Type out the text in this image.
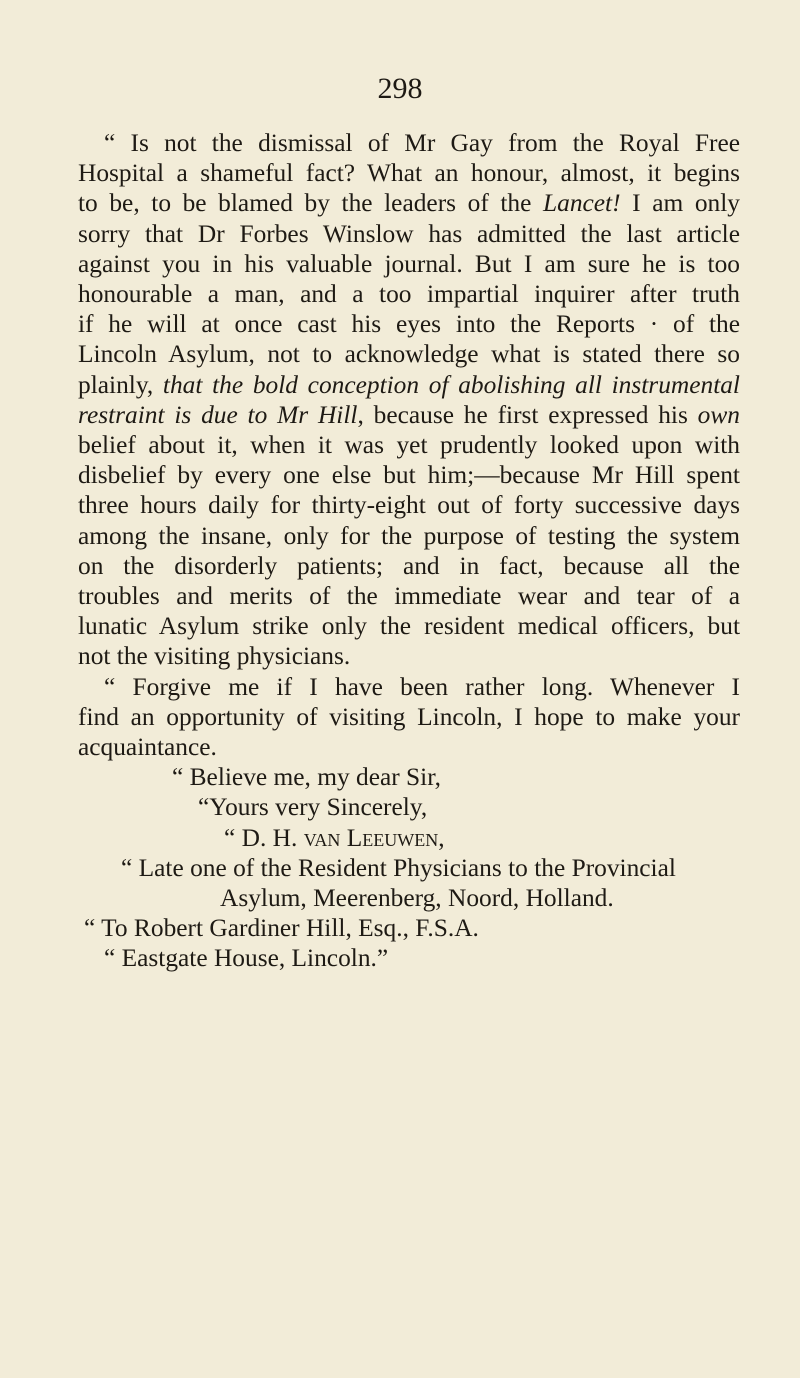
298

“ Is not the dismissal of Mr Gay from the Royal Free

Hospital a shameful fact? What an honour, almost, it begins

to be, to be blamed by the leaders of the Lancet! I am only

sorry that Dr Forbes Winslow has admitted the last article

against you in his valuable journal. But I am sure he is too

honourable a man, and a too impartial inquirer after truth

if he will at once cast his eyes into the Reports · of the

Lincoln Asylum, not to acknowledge what is stated there so

plainly, that the bold conception of abolishing all instrumental

restraint is due to Mr Hill, because he first expressed his own

belief about it, when it was yet prudently looked upon with

disbelief by every one else but him;—because Mr Hill spent

three hours daily for thirty-eight out of forty successive days

among the insane, only for the purpose of testing the system

on the disorderly patients; and in fact, because all the

troubles and merits of the immediate wear and tear of a

lunatic Asylum strike only the resident medical officers, but

not the visiting physicians.

“ Forgive me if I have been rather long. Whenever I

find an opportunity of visiting Lincoln, I hope to make your

acquaintance.

“ Believe me, my dear Sir,
“Yours very Sincerely,
“ D. H. van Leeuwen,
“ Late one of the Resident Physicians to the Provincial
Asylum, Meerenberg, Noord, Holland.
“ To Robert Gardiner Hill, Esq., F.S.A.
“ Eastgate House, Lincoln.”
